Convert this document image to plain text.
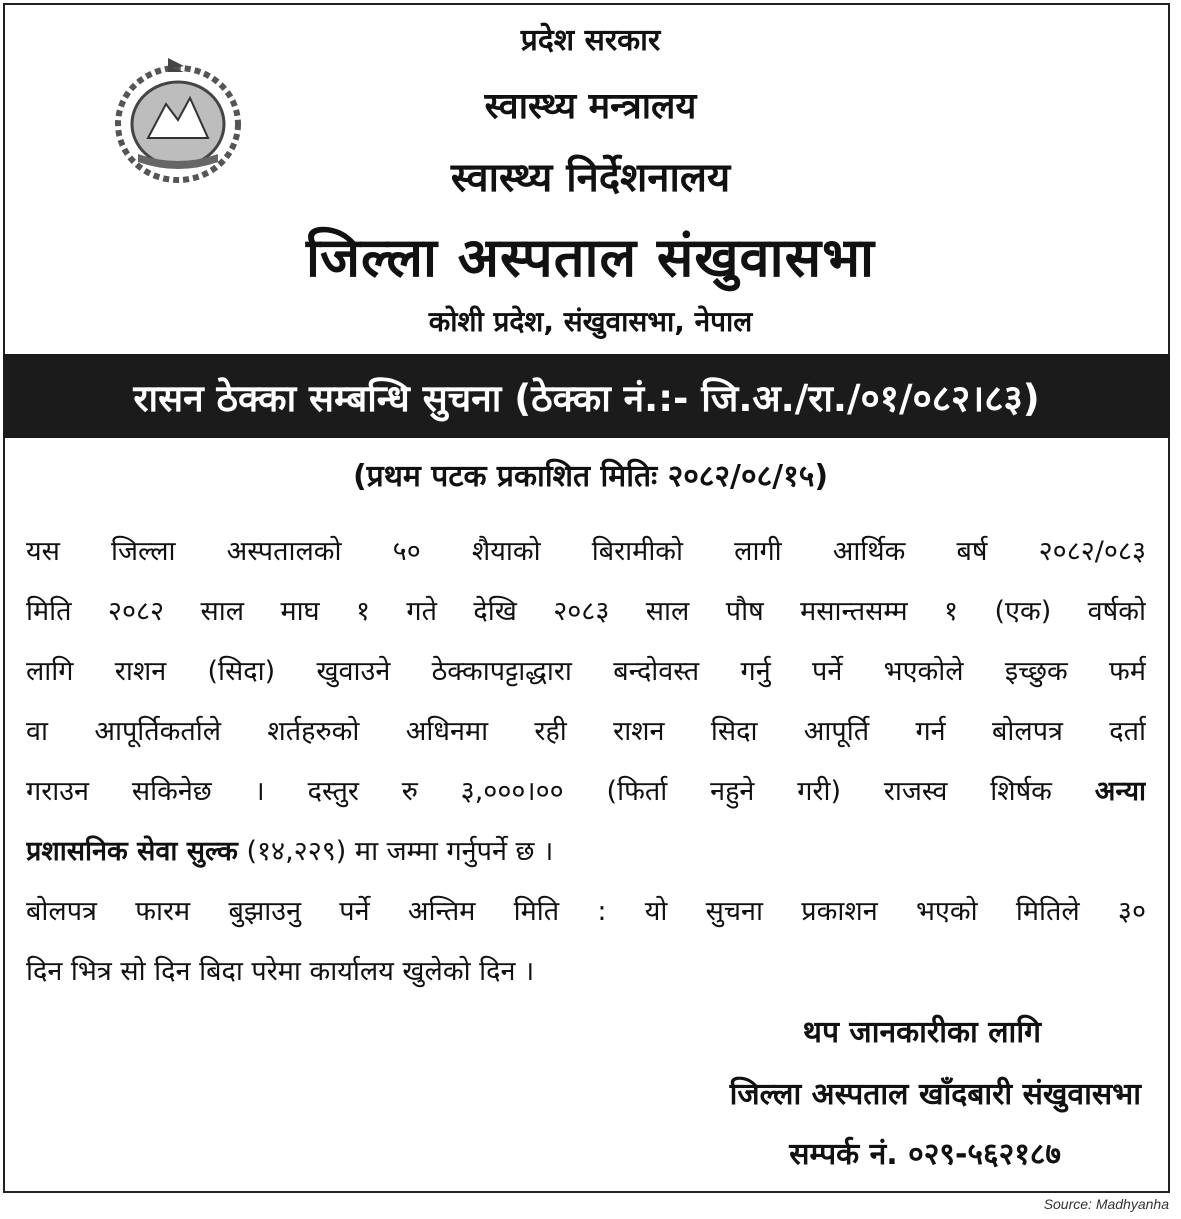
प्रदेश सरकार
स्वास्थ्य मन्त्रालय
स्वास्थ्य निर्देशनालय
जिल्ला अस्पताल संखुवासभा
कोशी प्रदेश, संखुवासभा, नेपाल
रासन ठेक्का सम्बन्धि सुचना (ठेक्का नं.:- जि.अ./रा./०१/०८२।८३)
(प्रथम पटक प्रकाशित मितिः २०८२/०८/१५)
यस जिल्ला अस्पतालको ५० शैयाको बिरामीको लागी आर्थिक बर्ष २०८२/०८३
मिति २०८२ साल माघ १ गते देखि २०८३ साल पौष मसान्तसम्म १ (एक) वर्षको
लागि राशन (सिदा) खुवाउने ठेक्कापट्टाद्धारा बन्दोवस्त गर्नु पर्ने भएकोले इच्छुक फर्म
वा आपूर्तिकर्ताले शर्तहरुको अधिनमा रही राशन सिदा आपूर्ति गर्न बोलपत्र दर्ता
गराउन सकिनेछ । दस्तुर रु ३,०००।०० (फिर्ता नहुने गरी) राजस्व शिर्षक अन्या
प्रशासनिक सेवा सुल्क (१४,२२९) मा जम्मा गर्नुपर्ने छ ।
बोलपत्र फारम बुझाउनु पर्ने अन्तिम मिति : यो सुचना प्रकाशन भएको मितिले ३०
दिन भित्र सो दिन बिदा परेमा कार्यालय खुलेको दिन ।
थप जानकारीका लागि
जिल्ला अस्पताल खाँदबारी संखुवासभा
सम्पर्क नं. ०२९-५६२१८७
Source: Madhyanha
